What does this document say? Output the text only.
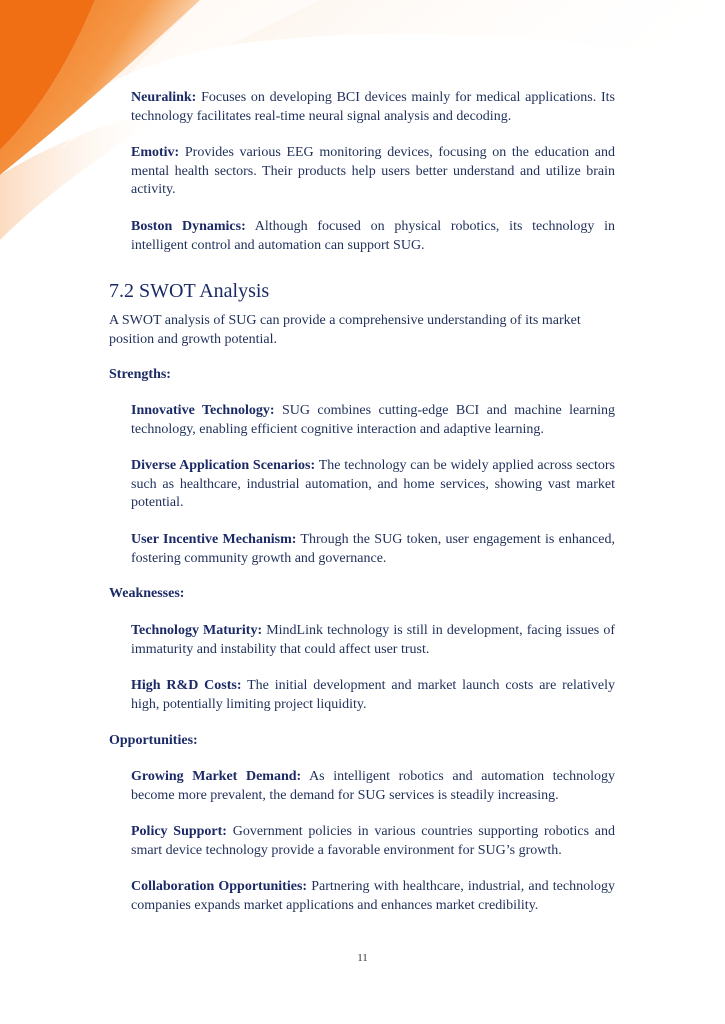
Neuralink: Focuses on developing BCI devices mainly for medical applications. Its technology facilitates real-time neural signal analysis and decoding.

Emotiv: Provides various EEG monitoring devices, focusing on the education and mental health sectors. Their products help users better understand and utilize brain activity.

Boston Dynamics: Although focused on physical robotics, its technology in intelligent control and automation can support SUG.

7.2 SWOT Analysis

A SWOT analysis of SUG can provide a comprehensive understanding of its market position and growth potential.

Strengths:

Innovative Technology: SUG combines cutting-edge BCI and machine learning technology, enabling efficient cognitive interaction and adaptive learning.

Diverse Application Scenarios: The technology can be widely applied across sectors such as healthcare, industrial automation, and home services, showing vast market potential.

User Incentive Mechanism: Through the SUG token, user engagement is enhanced, fostering community growth and governance.

Weaknesses:

Technology Maturity: MindLink technology is still in development, facing issues of immaturity and instability that could affect user trust.

High R&D Costs: The initial development and market launch costs are relatively high, potentially limiting project liquidity.

Opportunities:

Growing Market Demand: As intelligent robotics and automation technology become more prevalent, the demand for SUG services is steadily increasing.

Policy Support: Government policies in various countries supporting robotics and smart device technology provide a favorable environment for SUG’s growth.

Collaboration Opportunities: Partnering with healthcare, industrial, and technology companies expands market applications and enhances market credibility.

11
